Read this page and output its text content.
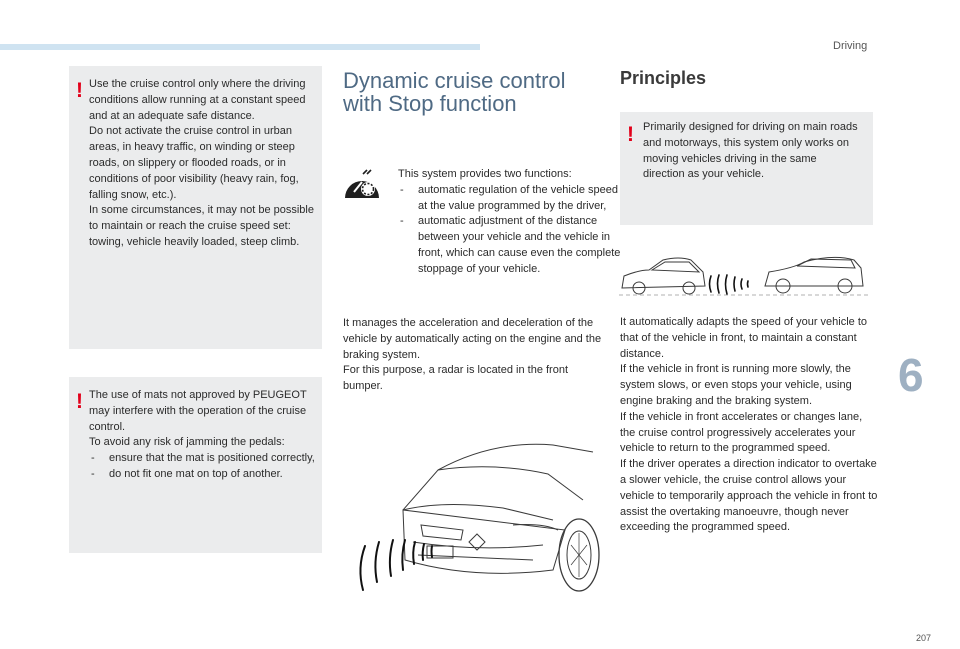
Driving
6
207
! Use the cruise control only where the driving conditions allow running at a constant speed and at an adequate safe distance.

Do not activate the cruise control in urban areas, in heavy traffic, on winding or steep roads, on slippery or flooded roads, or in conditions of poor visibility (heavy rain, fog, falling snow, etc.).

In some circumstances, it may not be possible to maintain or reach the cruise speed set: towing, vehicle heavily loaded, steep climb.

! The use of mats not approved by PEUGEOT may interfere with the operation of the cruise control.

To avoid any risk of jamming the pedals:

- ensure that the mat is positioned correctly,
- do not fit one mat on top of another.
Dynamic cruise control
with Stop function

This system provides two functions:

- automatic regulation of the vehicle speed at the value programmed by the driver,
- automatic adjustment of the distance between your vehicle and the vehicle in front, which can cause even the complete stoppage of your vehicle.

It manages the acceleration and deceleration of the vehicle by automatically acting on the engine and the braking system.

For this purpose, a radar is located in the front bumper.

Principles
! Primarily designed for driving on main roads and motorways, this system only works on moving vehicles driving in the same direction as your vehicle.

It automatically adapts the speed of your vehicle to that of the vehicle in front, to maintain a constant distance.

If the vehicle in front is running more slowly, the system slows, or even stops your vehicle, using engine braking and the braking system.

If the vehicle in front accelerates or changes lane, the cruise control progressively accelerates your vehicle to return to the programmed speed.

If the driver operates a direction indicator to overtake a slower vehicle, the cruise control allows your vehicle to temporarily approach the vehicle in front to assist the overtaking manoeuvre, though never exceeding the programmed speed.
